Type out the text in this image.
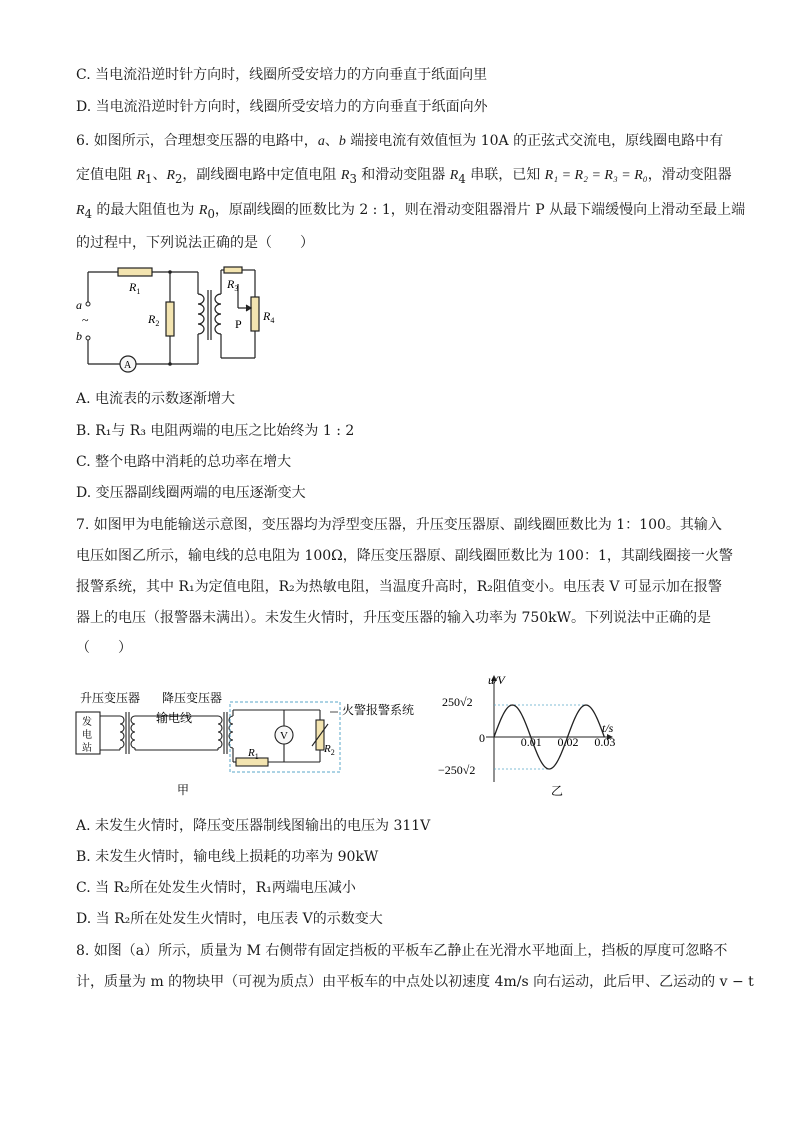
C. 当电流沿逆时针方向时，线圈所受安培力的方向垂直于纸面向里
D. 当电流沿逆时针方向时，线圈所受安培力的方向垂直于纸面向外
6. 如图所示，合理想变压器的电路中，a、b 端接电流有效值恒为 10A 的正弦式交流电，原线圈电路中有
定值电阻 $R_1$、$R_2$，副线圈电路中定值电阻 $R_3$ 和滑动变阻器 $R_4$ 串联，已知 R₁ = R₂ = R₃ = R₀，滑动变阻器
$R_4$ 的最大阻值也为 $R_0$，原副线圈的匝数比为 2 : 1，则在滑动变阻器滑片 P 从最下端缓慢向上滑动至最上端
的过程中，下列说法正确的是（　　）
a
~
b
$R_1$
$R_2$
$R_3$
$R_4$
P
A
A. 电流表的示数逐渐增大
B. R₁与 R₃ 电阻两端的电压之比始终为 1 : 2
C. 整个电路中消耗的总功率在增大
D. 变压器副线圈两端的电压逐渐变大
7. 如图甲为电能输送示意图，变压器均为浮型变压器，升压变压器原、副线圈匝数比为 1：100。其输入
电压如图乙所示，输电线的总电阻为 100Ω，降压变压器原、副线圈匝数比为 100：1，其副线圈接一火警
报警系统，其中 R₁为定值电阻，R₂为热敏电阻，当温度升高时，R₂阻值变小。电压表 V 可显示加在报警
器上的电压（报警器未满出）。未发生火情时，升压变压器的输入功率为 750kW。下列说法中正确的是
（　　）
升压变压器 降压变压器
输电线
发
电
站
V
$R_1$
$R_2$
火警报警系统
甲
u/V
t/s
0
250√2
−250√2
0.01 0.02 0.03
乙
A. 未发生火情时，降压变压器制线图输出的电压为 311V
B. 未发生火情时，输电线上损耗的功率为 90kW
C. 当 R₂所在处发生火情时，R₁两端电压减小
D. 当 R₂所在处发生火情时，电压表 V的示数变大
8. 如图（a）所示，质量为 M 右侧带有固定挡板的平板车乙静止在光滑水平地面上，挡板的厚度可忽略不
计，质量为 m 的物块甲（可视为质点）由平板车的中点处以初速度 4m/s 向右运动，此后甲、乙运动的 v − t
